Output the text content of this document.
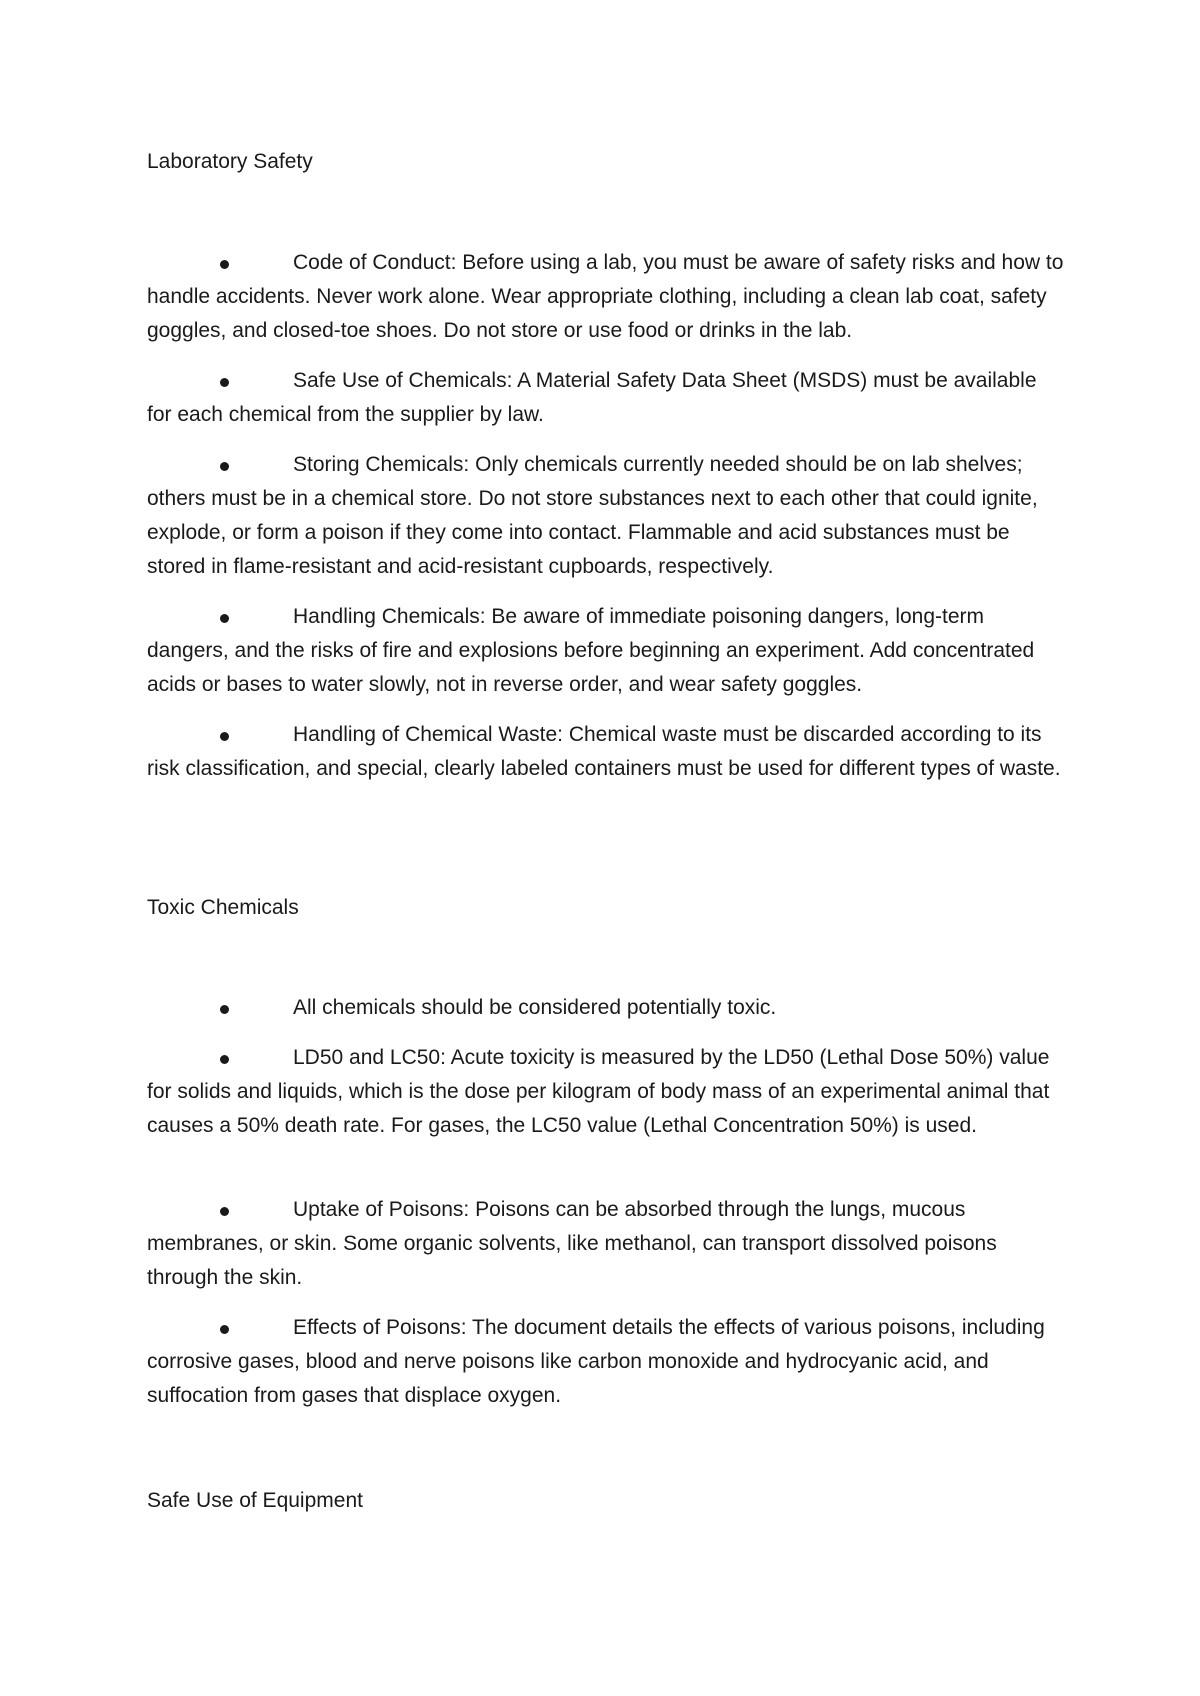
Laboratory Safety

Code of Conduct: Before using a lab, you must be aware of safety risks and how to handle accidents. Never work alone. Wear appropriate clothing, including a clean lab coat, safety goggles, and closed-toe shoes. Do not store or use food or drinks in the lab.

Safe Use of Chemicals: A Material Safety Data Sheet (MSDS) must be available for each chemical from the supplier by law.

Storing Chemicals: Only chemicals currently needed should be on lab shelves; others must be in a chemical store. Do not store substances next to each other that could ignite, explode, or form a poison if they come into contact. Flammable and acid substances must be stored in flame-resistant and acid-resistant cupboards, respectively.

Handling Chemicals: Be aware of immediate poisoning dangers, long-term dangers, and the risks of fire and explosions before beginning an experiment. Add concentrated acids or bases to water slowly, not in reverse order, and wear safety goggles.

Handling of Chemical Waste: Chemical waste must be discarded according to its risk classification, and special, clearly labeled containers must be used for different types of waste.

Toxic Chemicals

All chemicals should be considered potentially toxic.

LD50 and LC50: Acute toxicity is measured by the LD50 (Lethal Dose 50%) value for solids and liquids, which is the dose per kilogram of body mass of an experimental animal that causes a 50% death rate. For gases, the LC50 value (Lethal Concentration 50%) is used.

Uptake of Poisons: Poisons can be absorbed through the lungs, mucous membranes, or skin. Some organic solvents, like methanol, can transport dissolved poisons through the skin.

Effects of Poisons: The document details the effects of various poisons, including corrosive gases, blood and nerve poisons like carbon monoxide and hydrocyanic acid, and suffocation from gases that displace oxygen.

Safe Use of Equipment
